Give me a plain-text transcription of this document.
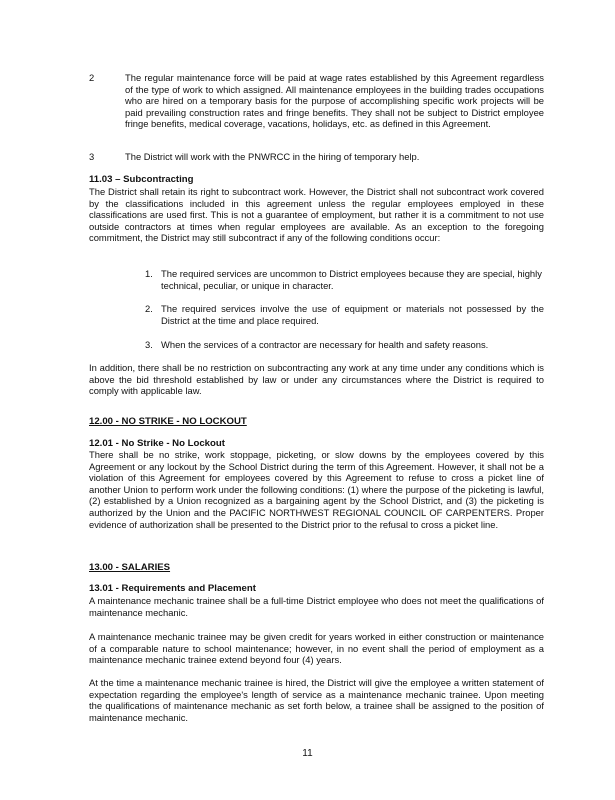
2	The regular maintenance force will be paid at wage rates established by this Agreement regardless of the type of work to which assigned. All maintenance employees in the building trades occupations who are hired on a temporary basis for the purpose of accomplishing specific work projects will be paid prevailing construction rates and fringe benefits. They shall not be subject to District employee fringe benefits, medical coverage, vacations, holidays, etc. as defined in this Agreement.
3	The District will work with the PNWRCC in the hiring of temporary help.
11.03 – Subcontracting
The District shall retain its right to subcontract work. However, the District shall not subcontract work covered by the classifications included in this agreement unless the regular employees employed in these classifications are used first. This is not a guarantee of employment, but rather it is a commitment to not use outside contractors at times when regular employees are available. As an exception to the foregoing commitment, the District may still subcontract if any of the following conditions occur:
1. The required services are uncommon to District employees because they are special, highly technical, peculiar, or unique in character.
2. The required services involve the use of equipment or materials not possessed by the District at the time and place required.
3. When the services of a contractor are necessary for health and safety reasons.
In addition, there shall be no restriction on subcontracting any work at any time under any conditions which is above the bid threshold established by law or under any circumstances where the District is required to comply with applicable law.
12.00 - NO STRIKE - NO LOCKOUT
12.01 - No Strike - No Lockout
There shall be no strike, work stoppage, picketing, or slow downs by the employees covered by this Agreement or any lockout by the School District during the term of this Agreement. However, it shall not be a violation of this Agreement for employees covered by this Agreement to refuse to cross a picket line of another Union to perform work under the following conditions: (1) where the purpose of the picketing is lawful, (2) established by a Union recognized as a bargaining agent by the School District, and (3) the picketing is authorized by the Union and the PACIFIC NORTHWEST REGIONAL COUNCIL OF CARPENTERS. Proper evidence of authorization shall be presented to the District prior to the refusal to cross a picket line.
13.00 - SALARIES
13.01 - Requirements and Placement
A maintenance mechanic trainee shall be a full-time District employee who does not meet the qualifications of maintenance mechanic.
A maintenance mechanic trainee may be given credit for years worked in either construction or maintenance of a comparable nature to school maintenance; however, in no event shall the period of employment as a maintenance mechanic trainee extend beyond four (4) years.
At the time a maintenance mechanic trainee is hired, the District will give the employee a written statement of expectation regarding the employee's length of service as a maintenance mechanic trainee. Upon meeting the qualifications of maintenance mechanic as set forth below, a trainee shall be assigned to the position of maintenance mechanic.
11
